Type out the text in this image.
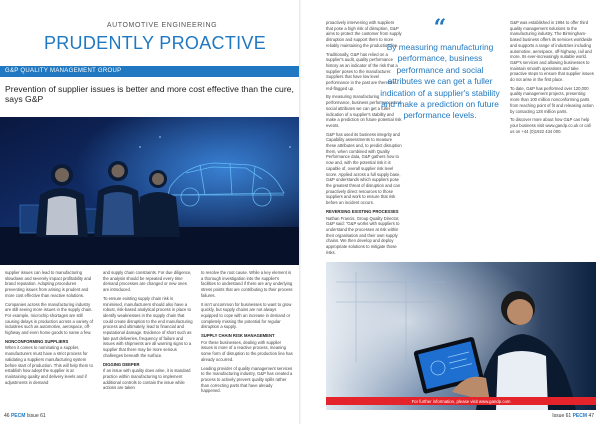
AUTOMOTIVE ENGINEERING
PRUDENTLY PROACTIVE
G&P QUALITY MANAGEMENT GROUP
Prevention of supplier issues is better and more cost effective than the cure, says G&P

supplier issues can lead to manufacturing slowdown and severely impact profitability and brand reputation. Adopting procedures preventing issues from arising is prudent and more cost effective than reactive solutions.

Companies across the manufacturing industry are still seeing more issues in the supply chain. For example, microchip shortages are still causing delays in production across a variety of industries such as automotive, aerospace, off-highway and even home goods to name a few.

NONCONFORMING SUPPLIERS

When it comes to nominating a supplier, manufacturers must have a strict process for validating a suppliers manufacturing system before start of production. This will help them to establish how adept the supplier is at maintaining quality and delivery levels and if adjustments in demand

and supply chain constraints. For due diligence, the analysis should be repeated every time demand processes are changed or new ones are introduced.

To ensure existing supply chain risk is minimised, manufacturers should also have a robust, risk-based analytical process in place to identify weaknesses in the supply chain that could create disruption to the end manufacturing process and ultimately, lead to financial and reputational damage. Evidence of short such as late part deliveries, frequency of failure and issues with shipments are all warning signs to a supplier that there may be more serious challenges beneath the surface.

DIGGING DEEPER

If an issue with quality does arise, it is standard practice within manufacturing to implement additional controls to contain the issue while actions are taken

to resolve the root cause. While a key element is a thorough investigation into the supplier's facilities to understand if there are any underlying stress points that are contributing to their process failures.

It isn't uncommon for businesses to want to grow quickly, but supply chains are not always equipped to cope with an increase in demand or completely missing the potential for regular disruption a supply.

SUPPLY CHAIN RISK MANAGEMENT

For these businesses, dealing with supplier issues is more of a reactive process, meaning some form of disruption to the production line has already occurred.

Leading provider of quality management services to the manufacturing industry, G&P has created a process to actively prevent quality spills rather than correcting parts that have already happened.

46 PECM Issue 61

proactively intervening with suppliers that pose a high risk of disruption, G&P aims to protect the customer from supply disruption and support them to more reliably maintaining the production line.

Traditionally, G&P has relied on a supplier's audit, quality performance history as an indicator of the risk that a supplier poses to the manufacturer. Suppliers that have low level performance in the past are therefore red-flagged up.

By measuring manufacturing performance, business performance and social attributes we can get a fuller indication of a supplier's stability and make a prediction on future potential risk events.

G&P has used its business integrity and Capability assessments to measure these attributes and, to predict disruption them, when combined with Quality Performance data, G&P gathers how to now and, with the potential risk it is capable of, overall supplier risk level score. Applied across a full supply base, G&P understands which suppliers pose the greatest threat of disruption and can proactively direct resources to those suppliers and work to ensure that risk before an incident occurs.

REVERSING EXISTING PROCESSES

Nathan Francis, Group Quality Director, G&P said: "G&P works with suppliers to understand the processes at risk within their organisation and their own supply chains. We then develop and deploy appropriate solutions to mitigate those risks.

G&P was established in 1994 to offer third quality management solutions to the manufacturing industry. The Birmingham-based business offers its services worldwide and supports a range of industries including automotive, aerospace, off-highway, rail and more. Its ever-increasingly suitable world. G&P's services and allowing businesses to maintain smooth operations and take proactive steps to ensure that supplier issues do not arise in the first place.

To date, G&P has performed over 120,000 quality management projects, presenting more than 100 million nonconforming parts from reaching point of fit and releasing action by contacting 128 million parts.

To discover more about how G&P can help your business visit www.gandp.co.uk or call us on +44 (0)1922 434 000.

“
By measuring manufacturing performance, business performance and social attributes we can get a fuller indication of a supplier's stability and make a prediction on future performance levels.
For further information, please visit www.gandp.com
Issue 61 PECM 47
